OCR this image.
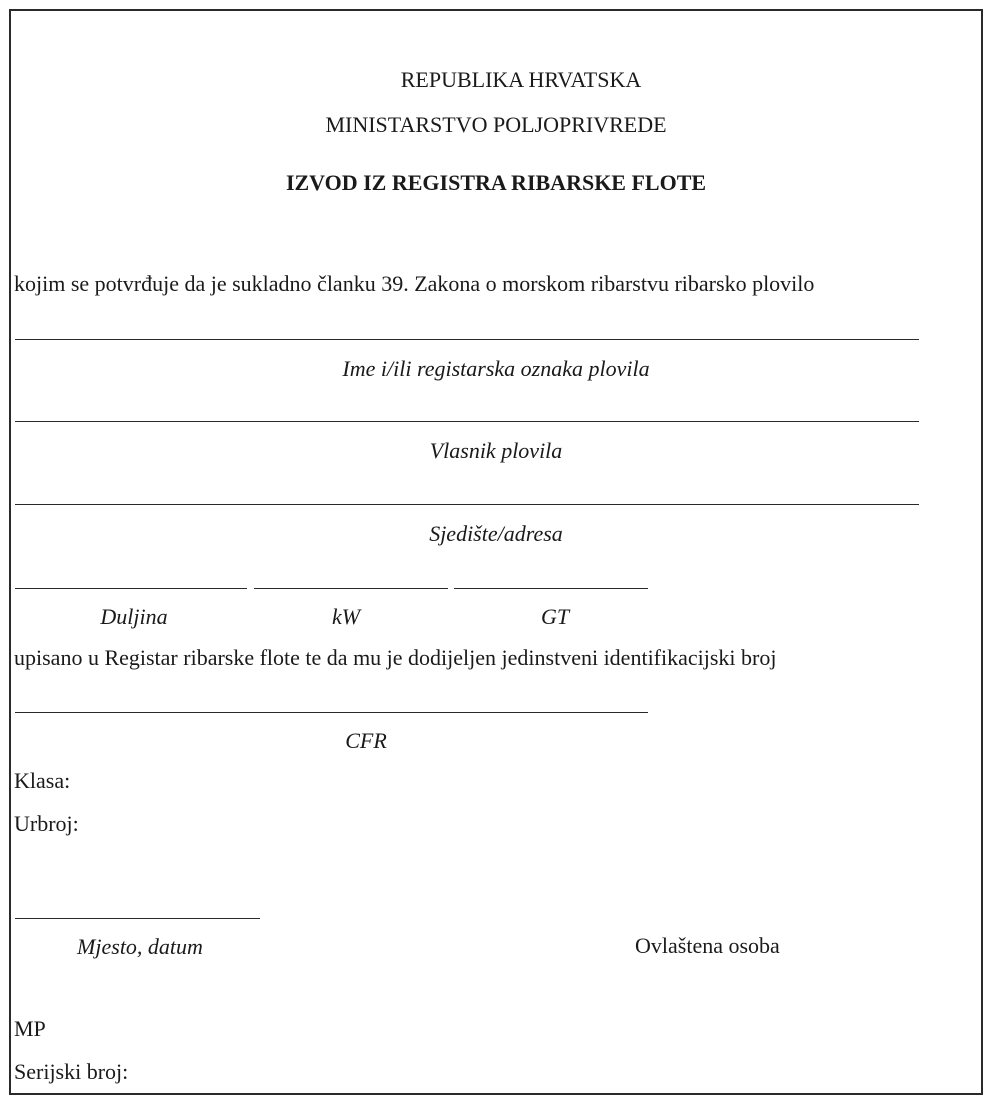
REPUBLIKA HRVATSKA
MINISTARSTVO POLJOPRIVREDE
IZVOD IZ REGISTRA RIBARSKE FLOTE
kojim se potvrđuje da je sukladno članku 39. Zakona o morskom ribarstvu ribarsko plovilo
Ime i/ili registarska oznaka plovila
Vlasnik plovila
Sjedište/adresa
Duljina	kW	GT
upisano u Registar ribarske flote te da mu je dodijeljen jedinstveni identifikacijski broj
CFR
Klasa:
Urbroj:
Mjesto, datum	Ovlaštena osoba
MP
Serijski broj:
